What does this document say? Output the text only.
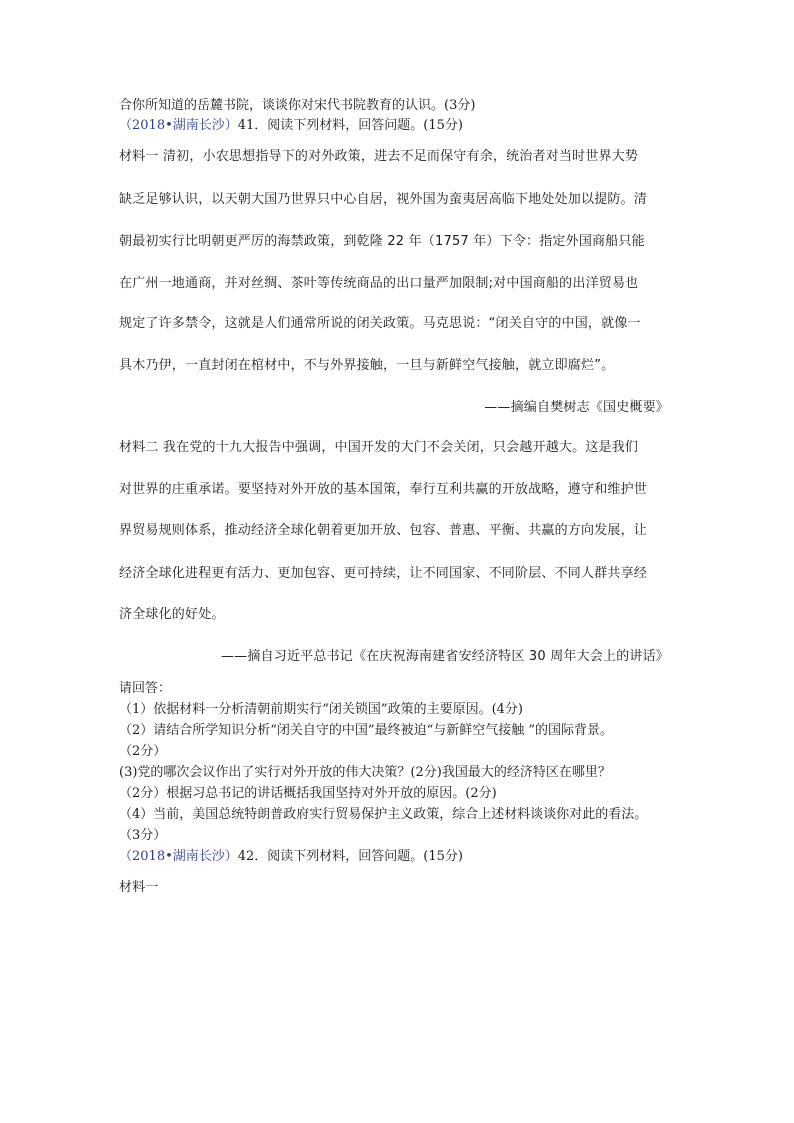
合你所知道的岳麓书院，谈谈你对宋代书院教育的认识。(3分)
（2018•湖南长沙）41．阅读下列材料，回答问题。(15分)
材料一 清初，小农思想指导下的对外政策，进去不足而保守有余，统治者对当时世界大势
缺乏足够认识，以天朝大国乃世界只中心自居，视外国为蛮夷居高临下地处处加以提防。清
朝最初实行比明朝更严厉的海禁政策，到乾隆 22 年（1757 年）下令：指定外国商船只能
在广州一地通商，并对丝绸、茶叶等传统商品的出口量严加限制;对中国商船的出洋贸易也
规定了许多禁令，这就是人们通常所说的闭关政策。马克思说：“闭关自守的中国，就像一
具木乃伊，一直封闭在棺材中，不与外界接触，一旦与新鲜空气接触，就立即腐烂”。
——摘编自樊树志《国史概要》
材料二 我在党的十九大报告中强调，中国开发的大门不会关闭，只会越开越大。这是我们
对世界的庄重承诺。要坚持对外开放的基本国策，奉行互利共赢的开放战略，遵守和维护世
界贸易规则体系，推动经济全球化朝着更加开放、包容、普惠、平衡、共赢的方向发展，让
经济全球化进程更有活力、更加包容、更可持续，让不同国家、不同阶层、不同人群共享经
济全球化的好处。
——摘自习近平总书记《在庆祝海南建省安经济特区 30 周年大会上的讲话》
请回答：
（1）依据材料一分析清朝前期实行“闭关锁国”政策的主要原因。(4分)
（2）请结合所学知识分析“闭关自守的中国”最终被迫“与新鲜空气接触 ”的国际背景。
（2分）
(3)党的哪次会议作出了实行对外开放的伟大决策？(2分)我国最大的经济特区在哪里？
（2分）根据习总书记的讲话概括我国坚持对外开放的原因。(2分)
（4）当前，美国总统特朗普政府实行贸易保护主义政策，综合上述材料谈谈你对此的看法。
（3分）
（2018•湖南长沙）42．阅读下列材料，回答问题。(15分)
材料一
